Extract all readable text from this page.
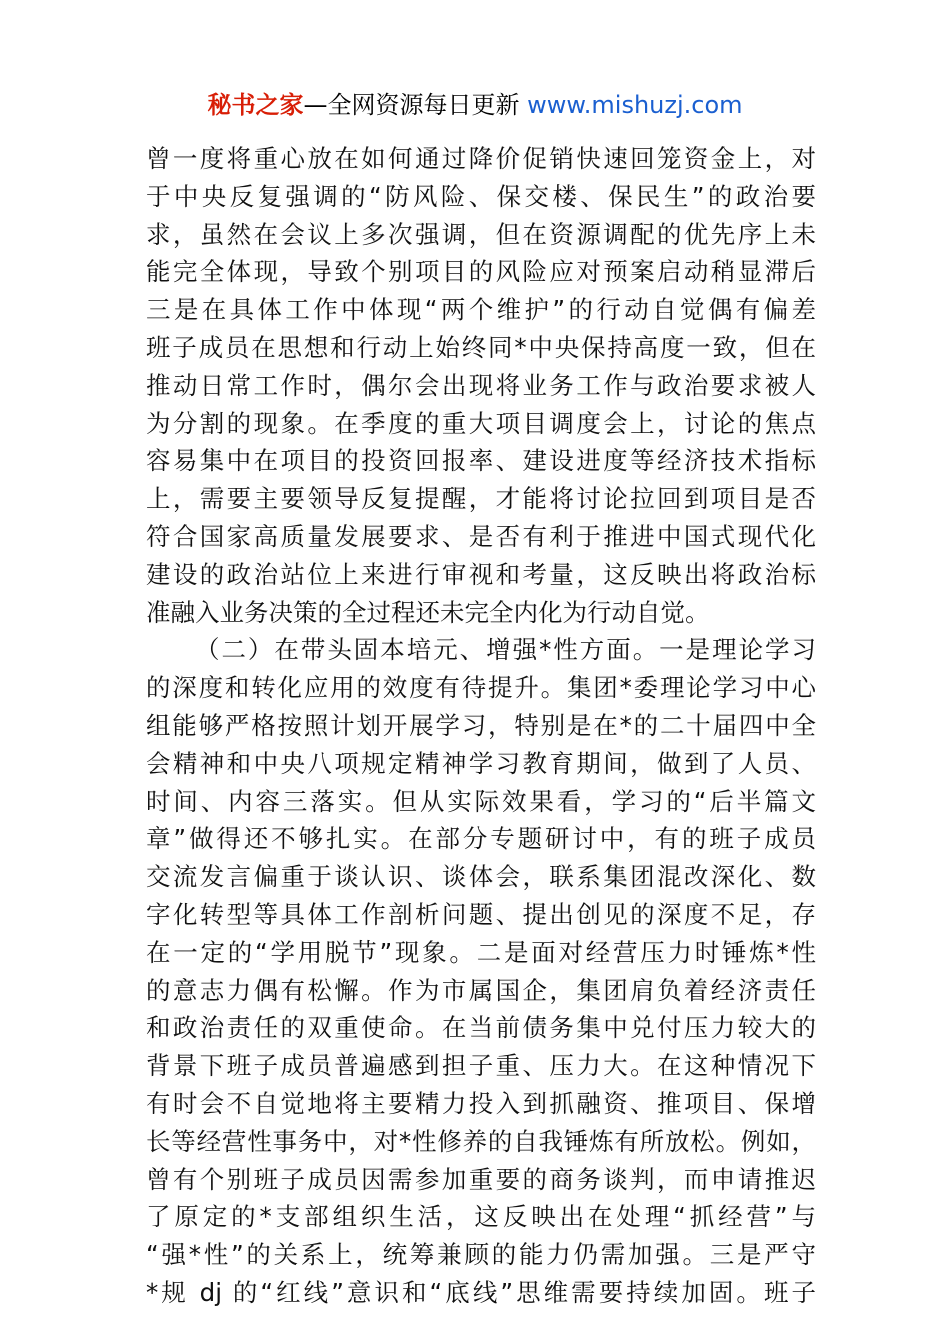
秘书之家—全网资源每日更新 www.mishuzj.com
曾一度将重心放在如何通过降价促销快速回笼资金上，对
于中央反复强调的“防风险、保交楼、保民生”的政治要
求，虽然在会议上多次强调，但在资源调配的优先序上未
能完全体现，导致个别项目的风险应对预案启动稍显滞后
三是在具体工作中体现“两个维护”的行动自觉偶有偏差
班子成员在思想和行动上始终同*中央保持高度一致，但在
推动日常工作时，偶尔会出现将业务工作与政治要求被人
为分割的现象。在季度的重大项目调度会上，讨论的焦点
容易集中在项目的投资回报率、建设进度等经济技术指标
上，需要主要领导反复提醒，才能将讨论拉回到项目是否
符合国家高质量发展要求、是否有利于推进中国式现代化
建设的政治站位上来进行审视和考量，这反映出将政治标
准融入业务决策的全过程还未完全内化为行动自觉。
（二）在带头固本培元、增强*性方面。一是理论学习
的深度和转化应用的效度有待提升。集团*委理论学习中心
组能够严格按照计划开展学习，特别是在*的二十届四中全
会精神和中央八项规定精神学习教育期间，做到了人员、
时间、内容三落实。但从实际效果看，学习的“后半篇文
章”做得还不够扎实。在部分专题研讨中，有的班子成员
交流发言偏重于谈认识、谈体会，联系集团混改深化、数
字化转型等具体工作剖析问题、提出创见的深度不足，存
在一定的“学用脱节”现象。二是面对经营压力时锤炼*性
的意志力偶有松懈。作为市属国企，集团肩负着经济责任
和政治责任的双重使命。在当前债务集中兑付压力较大的
背景下班子成员普遍感到担子重、压力大。在这种情况下
有时会不自觉地将主要精力投入到抓融资、推项目、保增
长等经营性事务中，对*性修养的自我锤炼有所放松。例如，
曾有个别班子成员因需参加重要的商务谈判，而申请推迟
了原定的*支部组织生活，这反映出在处理“抓经营”与
“强*性”的关系上，统筹兼顾的能力仍需加强。三是严守
*规 dj 的“红线”意识和“底线”思维需要持续加固。班子
